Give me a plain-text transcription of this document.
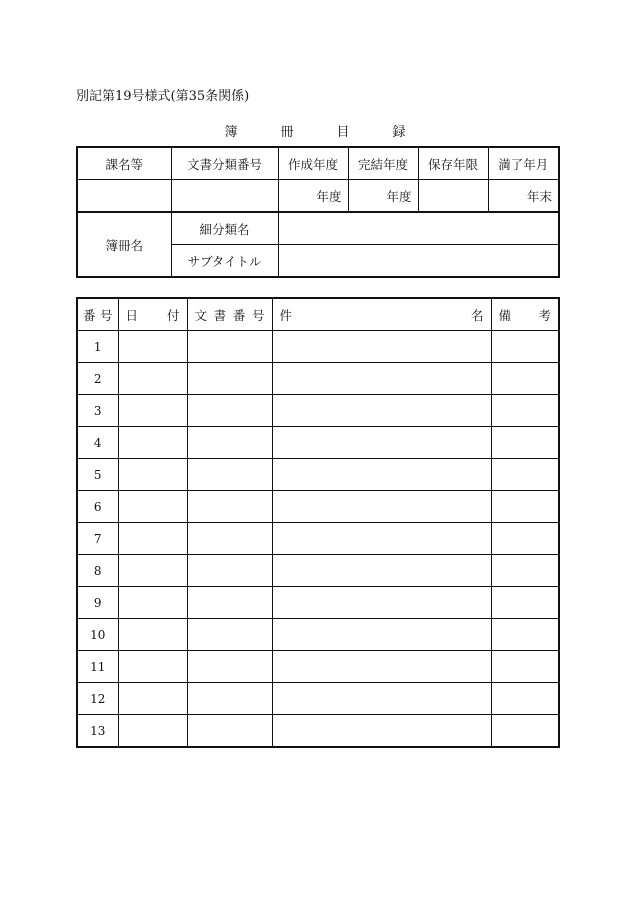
別記第19号様式(第35条関係)
簿　冊　目　録
課名等	文書分類番号	作成年度	完結年度	保存年限	満了年月
		年度	年度		年末
簿冊名	細分類名				
	サブタイトル				
番 号	日 付	文 書 番 号	件 名	備 考

1				
2				
3				
4				
5				
6				
7				
8				
9				
10				
11				
12				
13				
